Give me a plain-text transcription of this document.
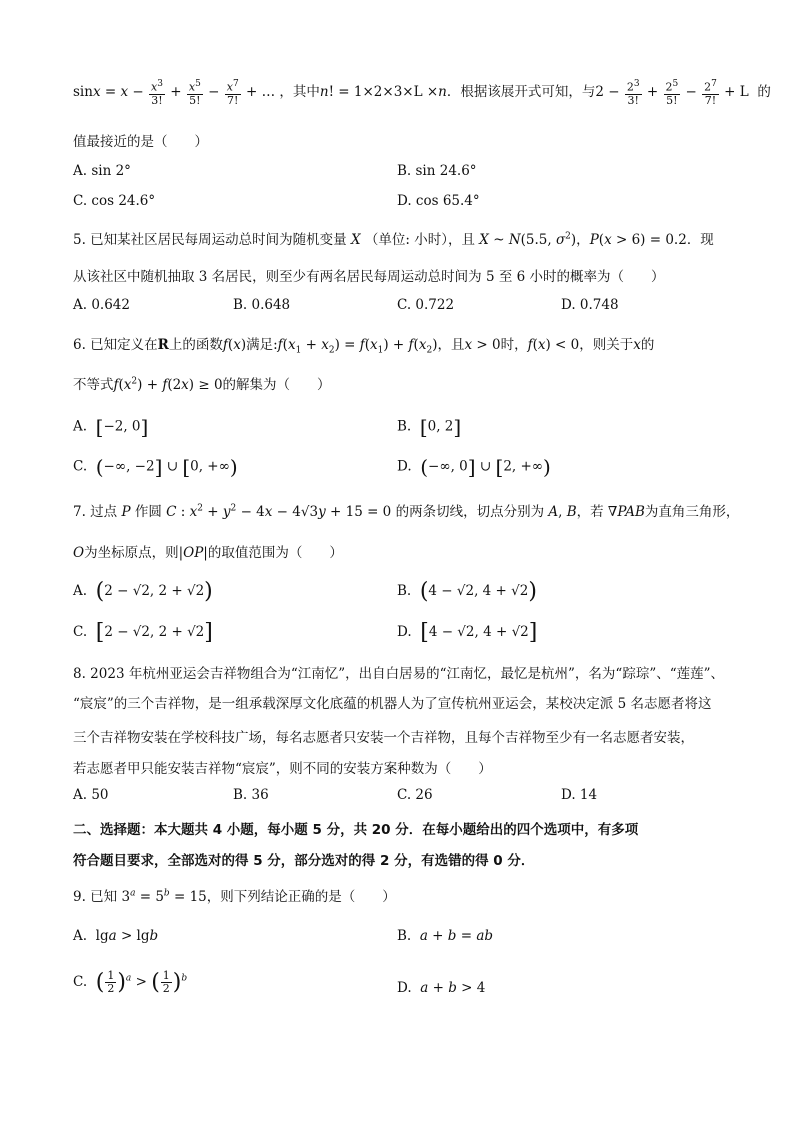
$\sin x = x - \frac{x^3}{3!} + \frac{x^5}{5!} - \frac{x^7}{7!}$ + … ，其中n! = 1×2×3×L ×n．根据该展开式可知，与$2 - \frac{2^3}{3!} + \frac{2^5}{5!} - \frac{2^7}{7!} + L$  的
值最接近的是（　　）
A. sin 2°	B. sin 24.6°
C. cos 24.6°	D. cos 65.4°
5. 已知某社区居民每周运动总时间为随机变量 X （单位: 小时），且 X ~ N(5.5, $\sigma^2$)，P(x > 6) = 0.2．现
从该社区中随机抽取 3 名居民，则至少有两名居民每周运动总时间为 5 至 6 小时的概率为（　　）
A. 0.642	B. 0.648	C. 0.722	D. 0.748
6. 已知定义在R上的函数f(x)满足$:f(x_1 + x_2) = f(x_1) + f(x_2)$，且x > 0时，f(x) < 0，则关于x的
不等式$f(x^2) + f(2x) \ge 0$的解集为（　　）
A. [−2, 0]	B. [0, 2]
C. (−∞, −2] ∪ [0, +∞)	D. (−∞, 0] ∪ [2, +∞)
7. 过点 P 作圆 C : $x^2 + y^2 - 4x - 4√3y + 15 = 0$ 的两条切线，切点分别为 A, B，若 ∇PAB为直角三角形，
O为坐标原点，则|OP|的取值范围为（　　）
A. (2 − √2, 2 + √2)	B. (4 − √2, 4 + √2)
C. [2 − √2, 2 + √2]	D. [4 − √2, 4 + √2]
8. 2023 年杭州亚运会吉祥物组合为“江南忆”，出自白居易的“江南忆，最忆是杭州”，名为“踪琮”、“莲莲”、
“宸宸”的三个吉祥物，是一组承载深厚文化底蕴的机器人为了宣传杭州亚运会，某校决定派 5 名志愿者将这
三个吉祥物安装在学校科技广场，每名志愿者只安装一个吉祥物，且每个吉祥物至少有一名志愿者安装，
若志愿者甲只能安装吉祥物“宸宸”，则不同的安装方案种数为（　　）
A. 50	B. 36	C. 26	D. 14
二、选择题：本大题共 4 小题，每小题 5 分，共 20 分．在每小题给出的四个选项中，有多项
符合题目要求，全部选对的得 5 分，部分选对的得 2 分，有选错的得 0 分．
9. 已知 $3^a = 5^b = 15$，则下列结论正确的是（　　）
A.  lga > lgb	B. a + b = ab
C. ( $\frac{1}{2} )^a$ > ( $\frac{1}{2} )^b$
D. a + b > 4
